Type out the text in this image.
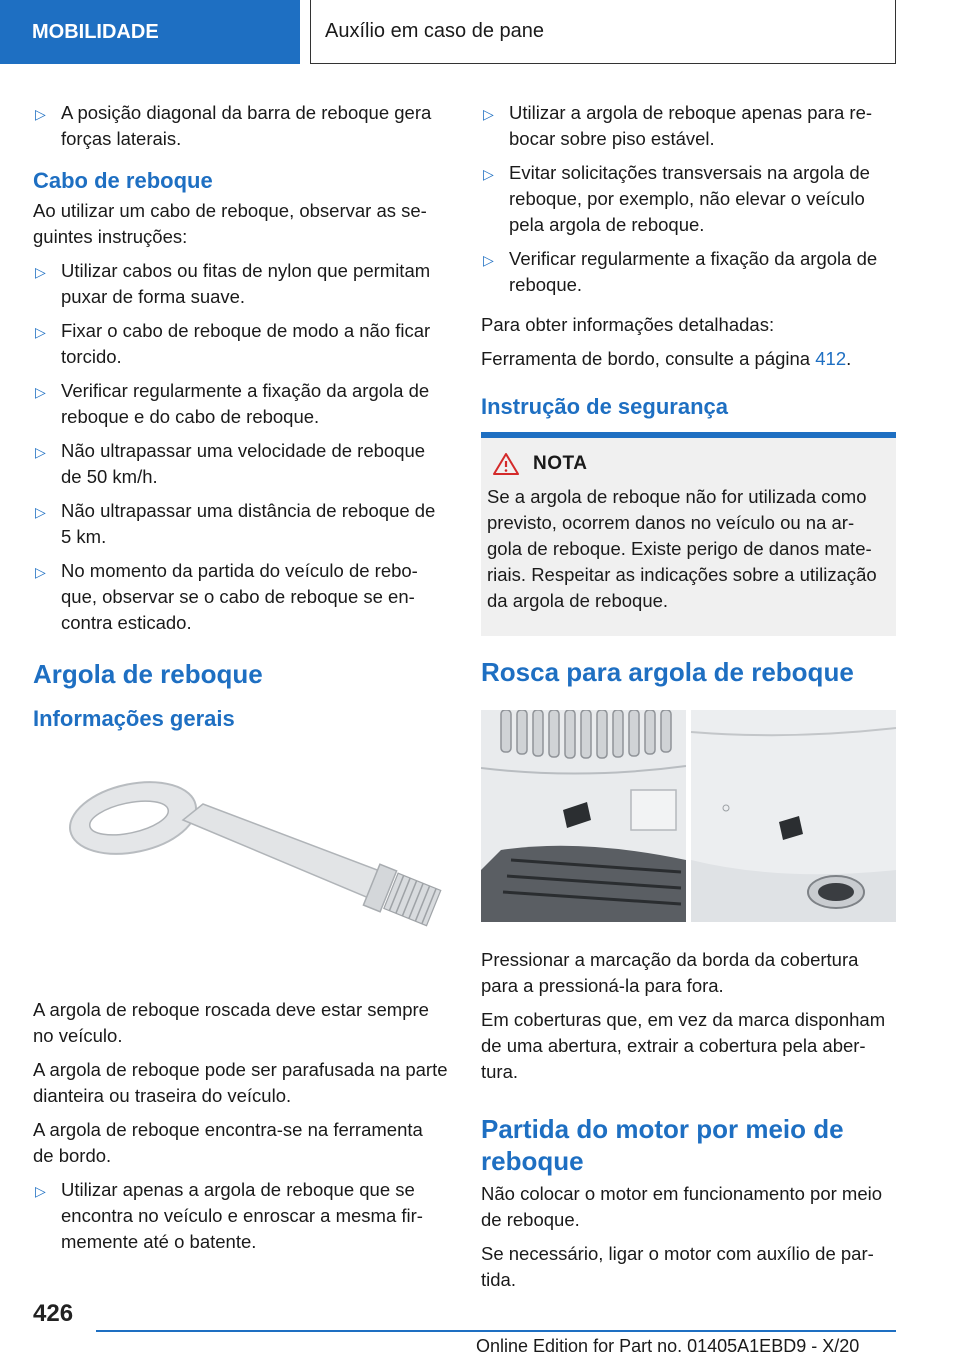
MOBILIDADE	Auxílio em caso de pane
▷ A posição diagonal da barra de reboque gera forças laterais.
Cabo de reboque
Ao utilizar um cabo de reboque, observar as se- guintes instruções:
▷ Utilizar cabos ou fitas de nylon que permitam puxar de forma suave.
▷ Fixar o cabo de reboque de modo a não ficar torcido.
▷ Verificar regularmente a fixação da argola de reboque e do cabo de reboque.
▷ Não ultrapassar uma velocidade de reboque de 50 km/h.
▷ Não ultrapassar uma distância de reboque de 5 km.
▷ No momento da partida do veículo de rebo- que, observar se o cabo de reboque se en- contra esticado.
Argola de reboque
Informações gerais
A argola de reboque roscada deve estar sempre no veículo.
A argola de reboque pode ser parafusada na parte dianteira ou traseira do veículo.
A argola de reboque encontra-se na ferramenta de bordo.
▷ Utilizar apenas a argola de reboque que se encontra no veículo e enroscar a mesma fir- memente até o batente.
▷ Utilizar a argola de reboque apenas para re- bocar sobre piso estável.
▷ Evitar solicitações transversais na argola de reboque, por exemplo, não elevar o veículo pela argola de reboque.
▷ Verificar regularmente a fixação da argola de reboque.
Para obter informações detalhadas:
Ferramenta de bordo, consulte a página 412.
Instrução de segurança
NOTA
Se a argola de reboque não for utilizada como previsto, ocorrem danos no veículo ou na ar- gola de reboque. Existe perigo de danos mate- riais. Respeitar as indicações sobre a utilização da argola de reboque.
Rosca para argola de reboque
Pressionar a marcação da borda da cobertura para a pressioná-la para fora.
Em coberturas que, em vez da marca disponham de uma abertura, extrair a cobertura pela aber- tura.
Partida do motor por meio de reboque
Não colocar o motor em funcionamento por meio de reboque.
Se necessário, ligar o motor com auxílio de par- tida.
426
Online Edition for Part no. 01405A1EBD9 - X/20
